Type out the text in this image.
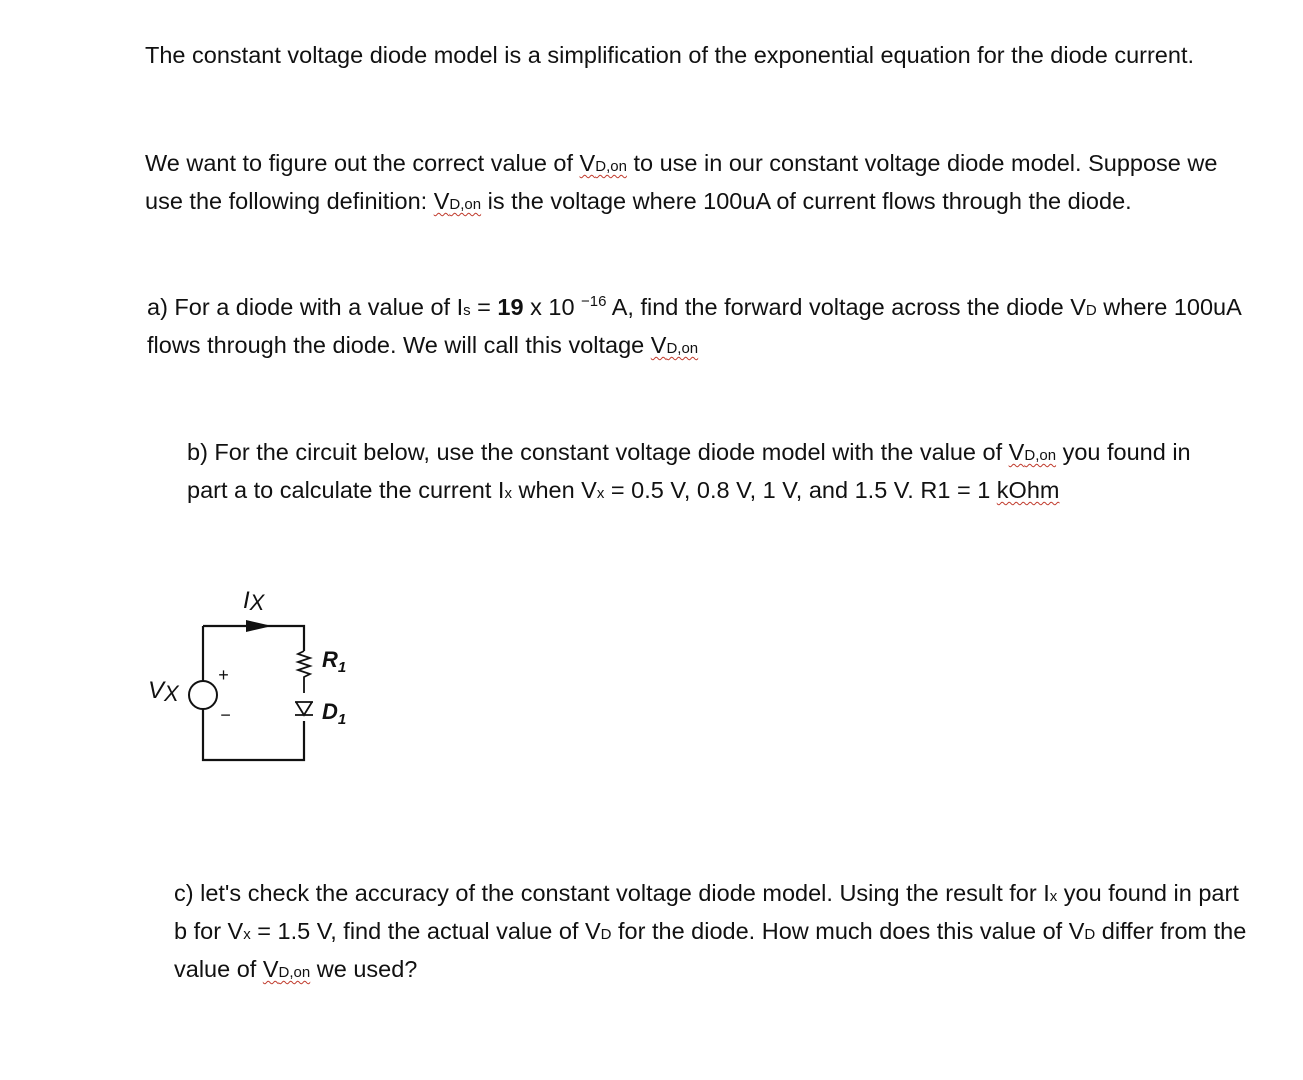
The constant voltage diode model is a simplification of the exponential equation for the diode current.

We want to figure out the correct value of VD,on to use in our constant voltage diode model. Suppose we use the following definition: VD,on is the voltage where 100uA of current flows through the diode.

a) For a diode with a value of Is = 19 x 10 $^{-16}$ A, find the forward voltage across the diode VD where 100uA flows through the diode. We will call this voltage VD,on

b) For the circuit below, use the constant voltage diode model with the value of VD,on you found in part a to calculate the current Ix when Vx = 0.5 V, 0.8 V, 1 V, and 1.5 V. R1 = 1 kOhm

IX
+
−
VX
$R_1$
$D_1$

c) let's check the accuracy of the constant voltage diode model. Using the result for Ix you found in part b for Vx = 1.5 V, find the actual value of VD for the diode. How much does this value of VD differ from the value of VD,on we used?
